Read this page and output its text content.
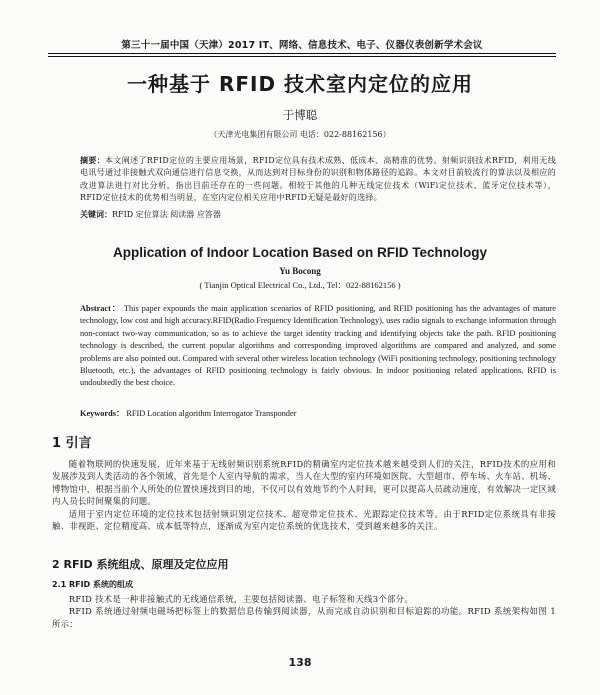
第三十一届中国（天津）2017 IT、网络、信息技术、电子、仪器仪表创新学术会议
一种基于 RFID 技术室内定位的应用
于博聪
（天津光电集团有限公司 电话：022-88162156）
摘要：本文阐述了RFID定位的主要应用场景，RFID定位具有技术成熟、低成本、高精准的优势。射频识别技术RFID，利用无线电讯号通过非接触式双向通信进行信息交换，从而达到对目标身份的识别和物体路径的追踪。本文对目前较流行的算法以及相应的改进算法进行对比分析，指出目前还存在的一些问题。相较于其他的几种无线定位技术（WiFi定位技术、蓝牙定位技术等），RFID定位技术的优势相当明显，在室内定位相关应用中RFID无疑是最好的选择。
关键词：RFID 定位算法 阅读器 应答器
Application of Indoor Location Based on RFID Technology
Yu Bocong
( Tianjin Optical Electrical Co., Ltd., Tel：022-88162156 )
Abstract： This paper expounds the main application scenarios of RFID positioning, and RFID positioning has the advantages of mature technology, low cost and high accuracy.RFID(Radio Frequency Identification Technology), uses radio signals to exchange information through non-contact two-way communication, so as to achieve the target identity tracking and identifying objects take the path. RFID positioning technology is described, the current popular algorithms and corresponding improved algorithms are compared and analyzed, and some problems are also pointed out. Compared with several other wireless location technology (WiFi positioning technology, positioning technology Bluetooth, etc.), the advantages of RFID positioning technology is fairly obvious. In indoor positioning related applications, RFID is undoubtedly the best choice.
Keywords： RFID Location algorithm Interrogator Transponder
1 引言

随着物联网的快速发展，近年来基于无线射频识别系统RFID的精确室内定位技术越来越受到人们的关注，RFID技术的应用和发展涉及到人类活动的各个领域，首先是个人室内导航的需求，当人在大型的室内环境如医院、大型超市、停车场、火车站、机场、博物馆中，根据当前个人所处的位置快速找到目的地，不仅可以有效地节约个人时间，更可以提高人员疏动速度，有效解决一定区域内人员长时间聚集的问题。

适用于室内定位环境的定位技术包括射频识别定位技术、超宽带定位技术、光跟踪定位技术等。由于RFID定位系统具有非接触、非视距、定位精度高、成本低等特点，逐渐成为室内定位系统的优选技术，受到越来越多的关注。

2 RFID 系统组成、原理及定位应用
2.1 RFID 系统的组成

RFID 技术是一种非接触式的无线通信系统，主要包括阅读器、电子标签和天线3个部分。

RFID 系统通过射频电磁场把标签上的数据信息传输到阅读器，从而完成自动识别和目标追踪的功能。RFID 系统架构如图 1 所示：

138
